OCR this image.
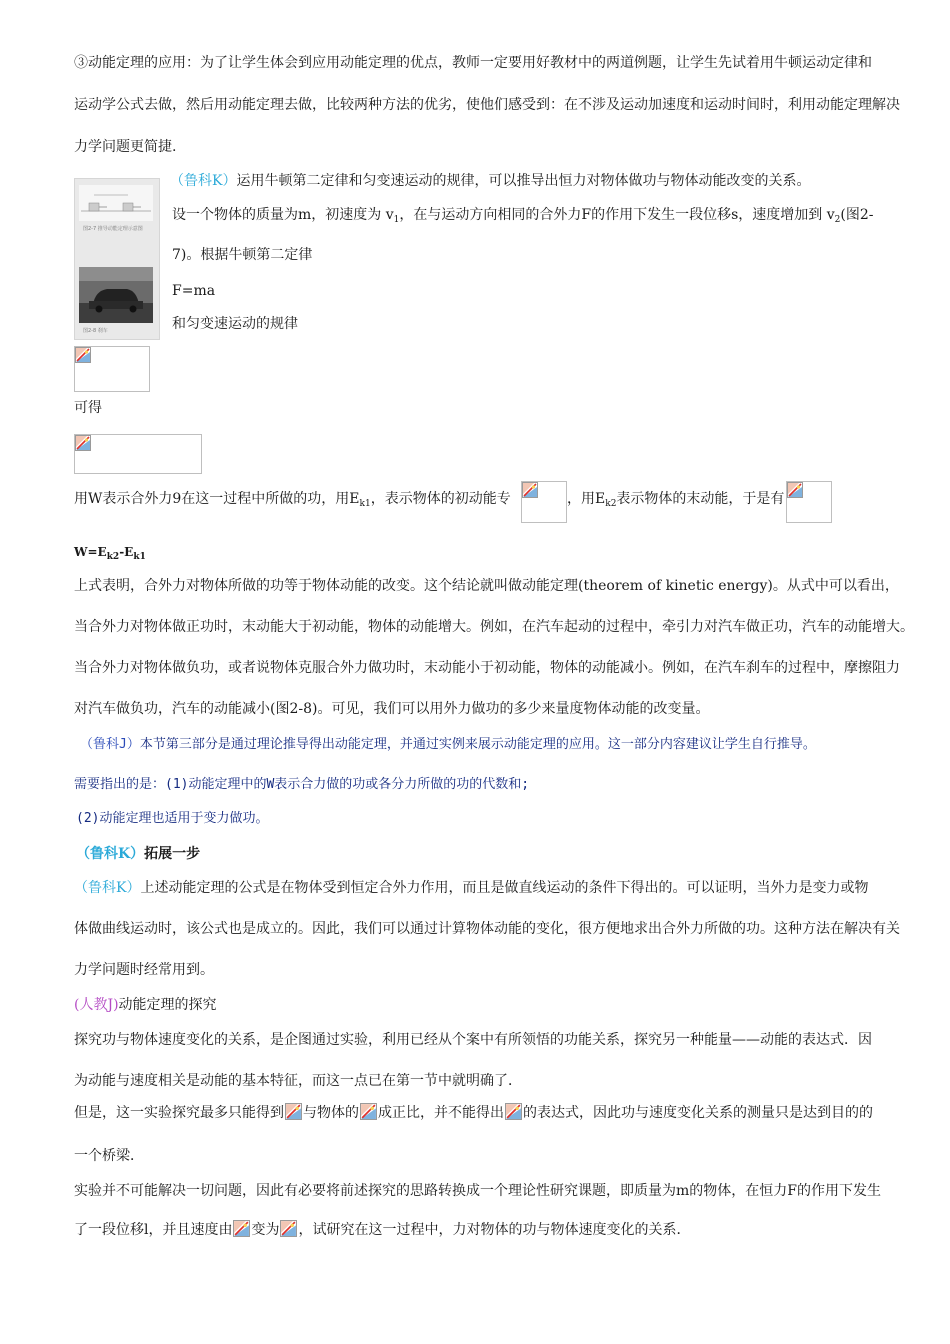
③动能定理的应用：为了让学生体会到应用动能定理的优点，教师一定要用好教材中的两道例题，让学生先试着用牛顿运动定律和
运动学公式去做，然后用动能定理去做，比较两种方法的优劣，使他们感受到：在不涉及运动加速度和运动时间时，利用动能定理解决
力学问题更简捷.
图2-7 推导动能定理示意图
图2-8 刹车
（鲁科K）运用牛顿第二定律和匀变速运动的规律，可以推导出恒力对物体做功与物体动能改变的关系。
设一个物体的质量为m，初速度为 $v_1$，在与运动方向相同的合外力F的作用下发生一段位移s，速度增加到 $v_2$(图2-
7)。根据牛顿第二定律
F=ma
和匀变速运动的规律
可得
用W表示合外力9在这一过程中所做的功，用$E_{k1}$，表示物体的初动能专	，用$E_{k2}$表示物体的末动能，于是有
$W=E_{k2}-E_{k1}$
上式表明，合外力对物体所做的功等于物体动能的改变。这个结论就叫做动能定理(theorem of kinetic energy)。从式中可以看出，
当合外力对物体做正功时，末动能大于初动能，物体的动能增大。例如，在汽车起动的过程中，牵引力对汽车做正功，汽车的动能增大。
当合外力对物体做负功，或者说物体克服合外力做功时，末动能小于初动能，物体的动能减小。例如，在汽车刹车的过程中，摩擦阻力
对汽车做负功，汽车的动能减小(图2-8)。可见，我们可以用外力做功的多少来量度物体动能的改变量。
（鲁科J）本节第三部分是通过理论推导得出动能定理，并通过实例来展示动能定理的应用。这一部分内容建议让学生自行推导。
需要指出的是：(1)动能定理中的W表示合力做的功或各分力所做的功的代数和;
(2)动能定理也适用于变力做功。
（鲁科K）拓展一步
（鲁科K）上述动能定理的公式是在物体受到恒定合外力作用，而且是做直线运动的条件下得出的。可以证明，当外力是变力或物
体做曲线运动时，该公式也是成立的。因此，我们可以通过计算物体动能的变化，很方便地求出合外力所做的功。这种方法在解决有关
力学问题时经常用到。
(人教J)动能定理的探究
探究功与物体速度变化的关系，是企图通过实验，利用已经从个案中有所领悟的功能关系，探究另一种能量——动能的表达式．因
为动能与速度相关是动能的基本特征，而这一点已在第一节中就明确了．
但是，这一实验探究最多只能得到 与物体的 成正比，并不能得出 的表达式，因此功与速度变化关系的测量只是达到目的的
一个桥梁．
实验并不可能解决一切问题，因此有必要将前述探究的思路转换成一个理论性研究课题，即质量为m的物体，在恒力F的作用下发生
了一段位移l，并且速度由 变为 ，试研究在这一过程中，力对物体的功与物体速度变化的关系．
